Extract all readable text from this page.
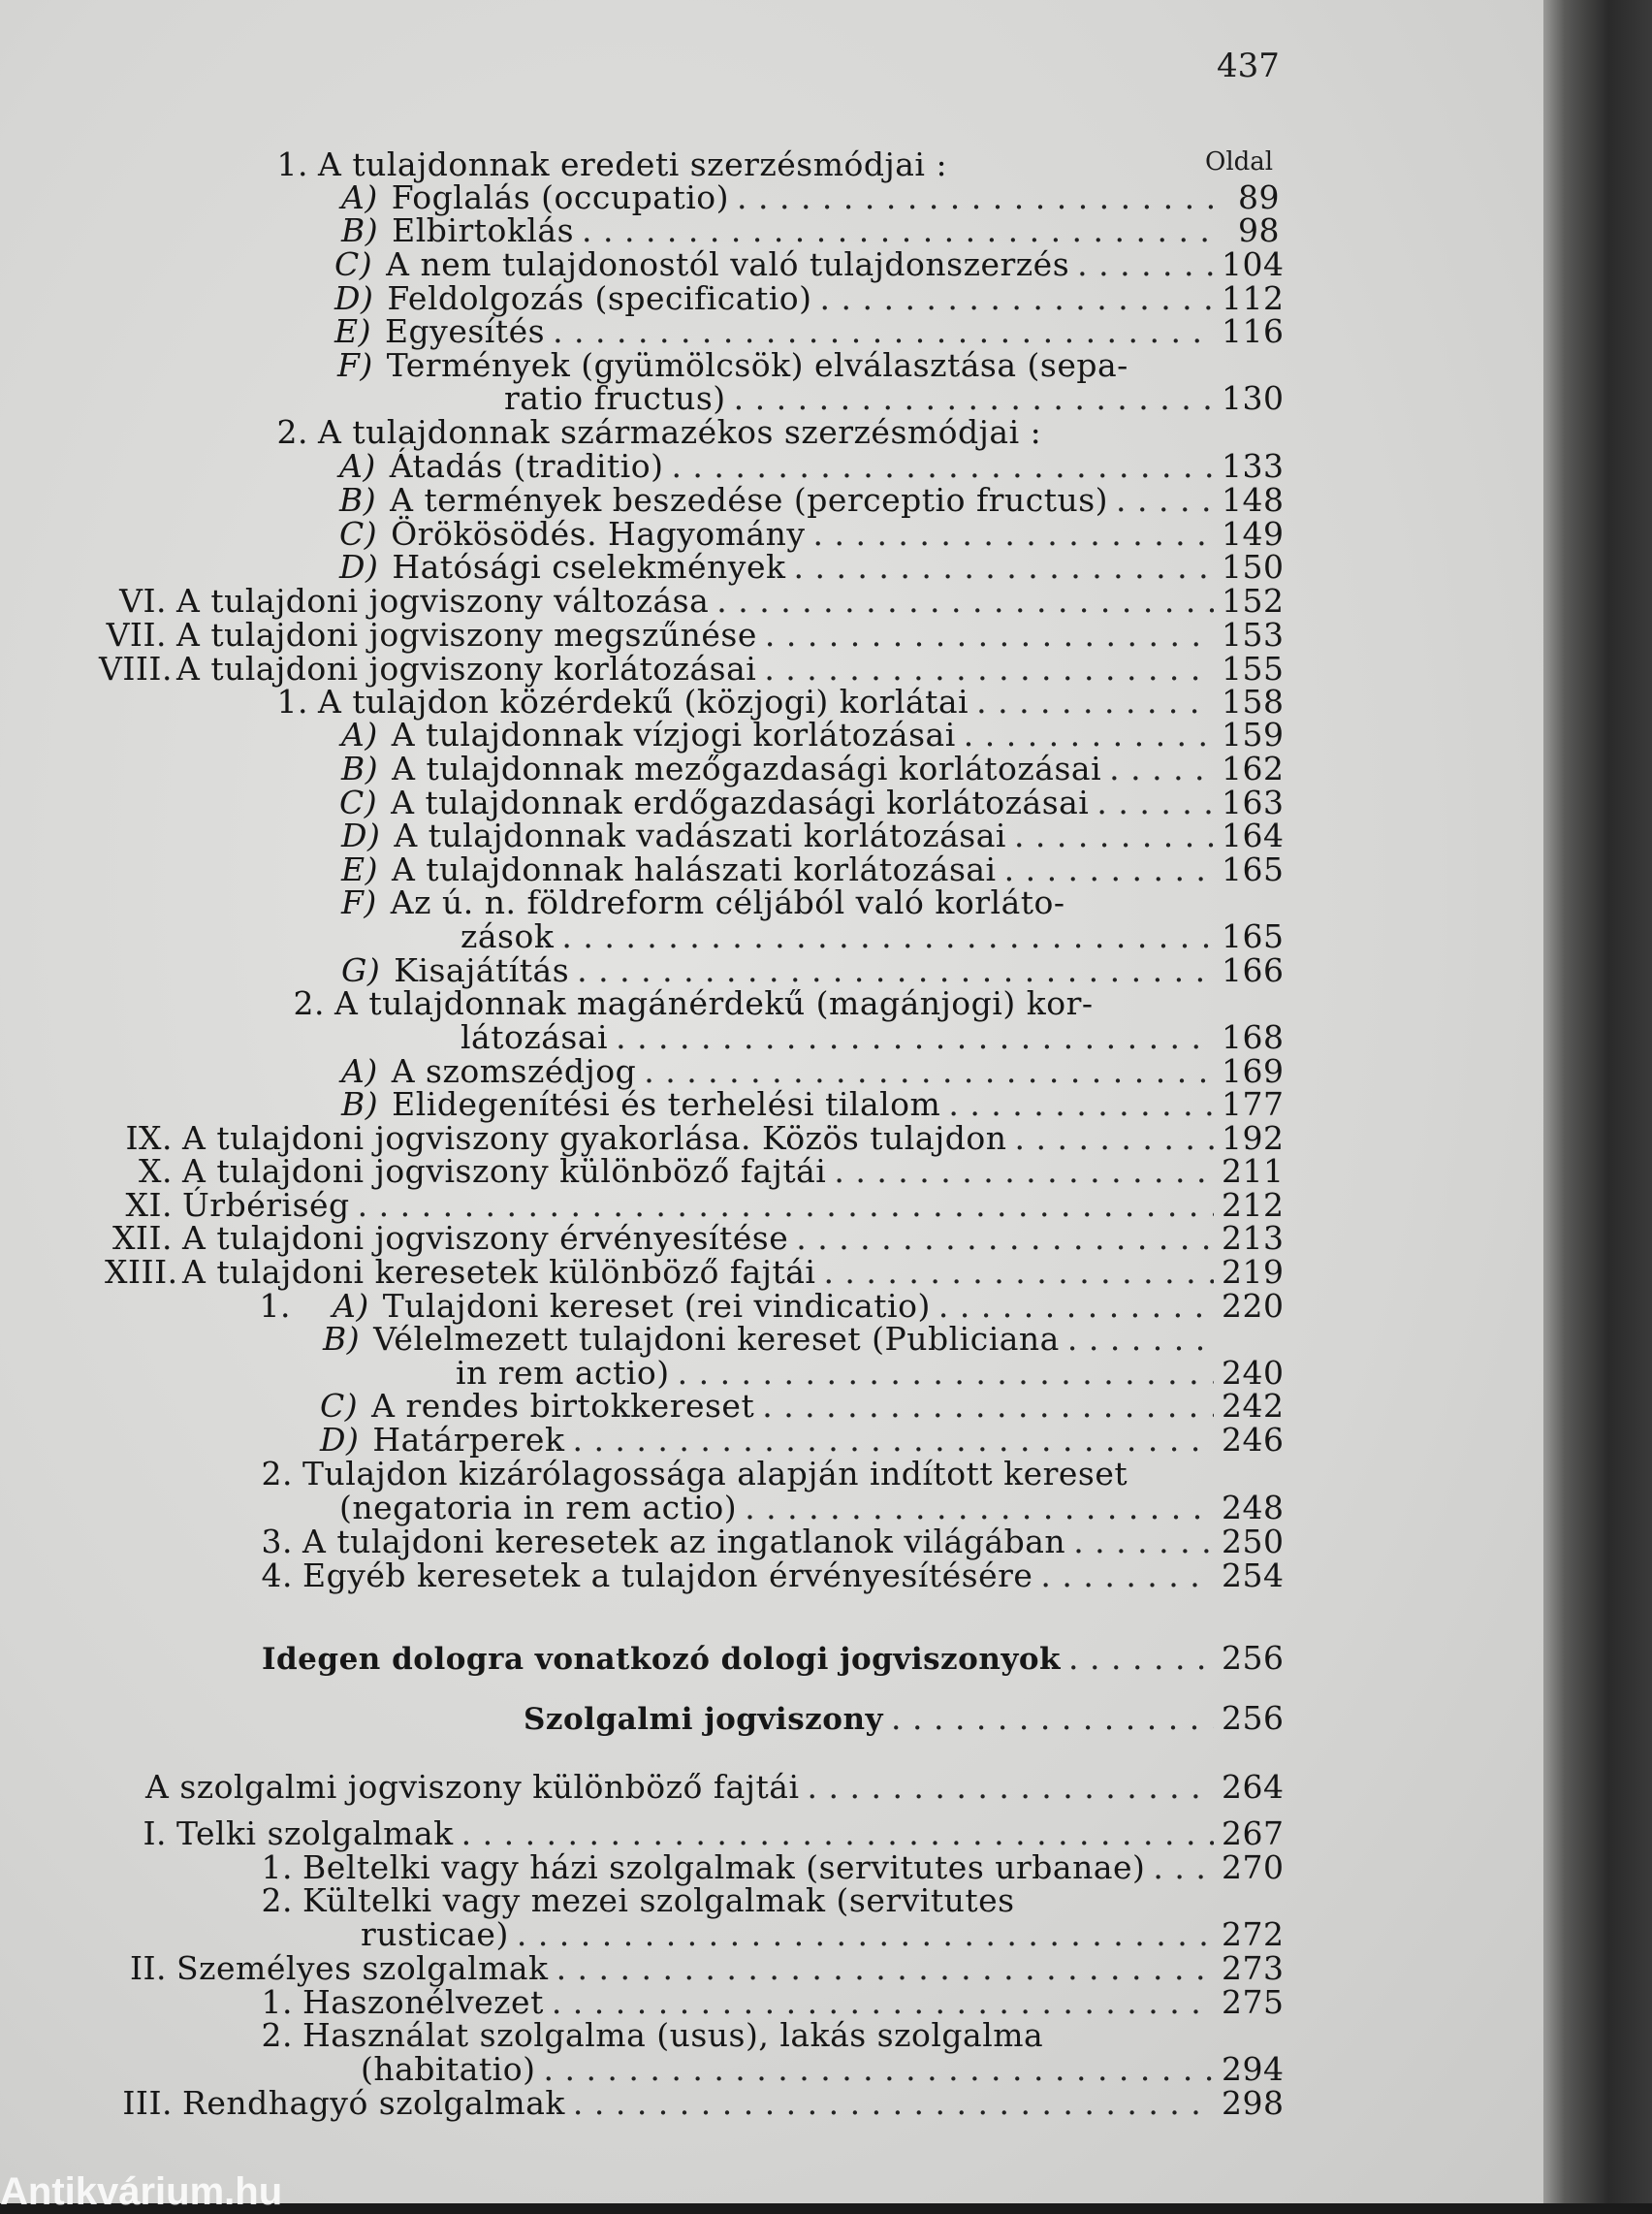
437
Oldal
1. A tulajdonnak eredeti szerzésmódjai :
A) Foglalás (occupatio) . . .	89
B) Elbirtoklás . . .	98
C) A nem tulajdonostól való tulajdonszerzés . . .	104
D) Feldolgozás (specificatio) . . .	112
E) Egyesítés . . .	116
F) Termények (gyümölcsök) elválasztása (sepa-
ratio fructus) . . .	130
2. A tulajdonnak származékos szerzésmódjai :
A) Átadás (traditio) . . .	133
B) A termények beszedése (perceptio fructus) . . .	148
C) Örökösödés. Hagyomány . . .	149
D) Hatósági cselekmények . . .	150
VI. A tulajdoni jogviszony változása . . .	152
VII. A tulajdoni jogviszony megszűnése . . .	153
VIII. A tulajdoni jogviszony korlátozásai . . .	155
1. A tulajdon közérdekű (közjogi) korlátai . . .	158
A) A tulajdonnak vízjogi korlátozásai . . .	159
B) A tulajdonnak mezőgazdasági korlátozásai . . .	162
C) A tulajdonnak erdőgazdasági korlátozásai . . .	163
D) A tulajdonnak vadászati korlátozásai . . .	164
E) A tulajdonnak halászati korlátozásai . . .	165
F) Az ú. n. földreform céljából való korláto-
zások . . .	165
G) Kisajátítás . . .	166
2. A tulajdonnak magánérdekű (magánjogi) kor-
látozásai . . .	168
A) A szomszédjog . . .	169
B) Elidegenítési és terhelési tilalom . . .	177
IX. A tulajdoni jogviszony gyakorlása. Közös tulajdon . . .	192
X. A tulajdoni jogviszony különböző fajtái . . .	211
XI. Úrbériség . . .	212
XII. A tulajdoni jogviszony érvényesítése . . .	213
XIII. A tulajdoni keresetek különböző fajtái . . .	219
1.	A) Tulajdoni kereset (rei vindicatio) . . .	220
B) Vélelmezett tulajdoni kereset (Publiciana
. . .
in rem actio) . . .	240
C) A rendes birtokkereset . . .	242
D) Határperek . . .	246
2. Tulajdon kizárólagossága alapján indított kereset
(negatoria in rem actio) . . .	248
3. A tulajdoni keresetek az ingatlanok világában . . .	250
4. Egyéb keresetek a tulajdon érvényesítésére . . .	254
Idegen dologra vonatkozó dologi jogviszonyok . . .	256
Szolgalmi jogviszony . . .	256
A szolgalmi jogviszony különböző fajtái . . .	264
I. Telki szolgalmak . . .	267
1. Beltelki vagy házi szolgalmak (servitutes urbanae) . . . 270
2. Kültelki vagy mezei szolgalmak (servitutes
rusticae) . . .	272
II. Személyes szolgalmak . . .	273
1. Haszonélvezet . . .	275
2. Használat szolgalma (usus), lakás szolgalma
(habitatio) . . .	294
III. Rendhagyó szolgalmak . . .	298
Antikvárium.hu
